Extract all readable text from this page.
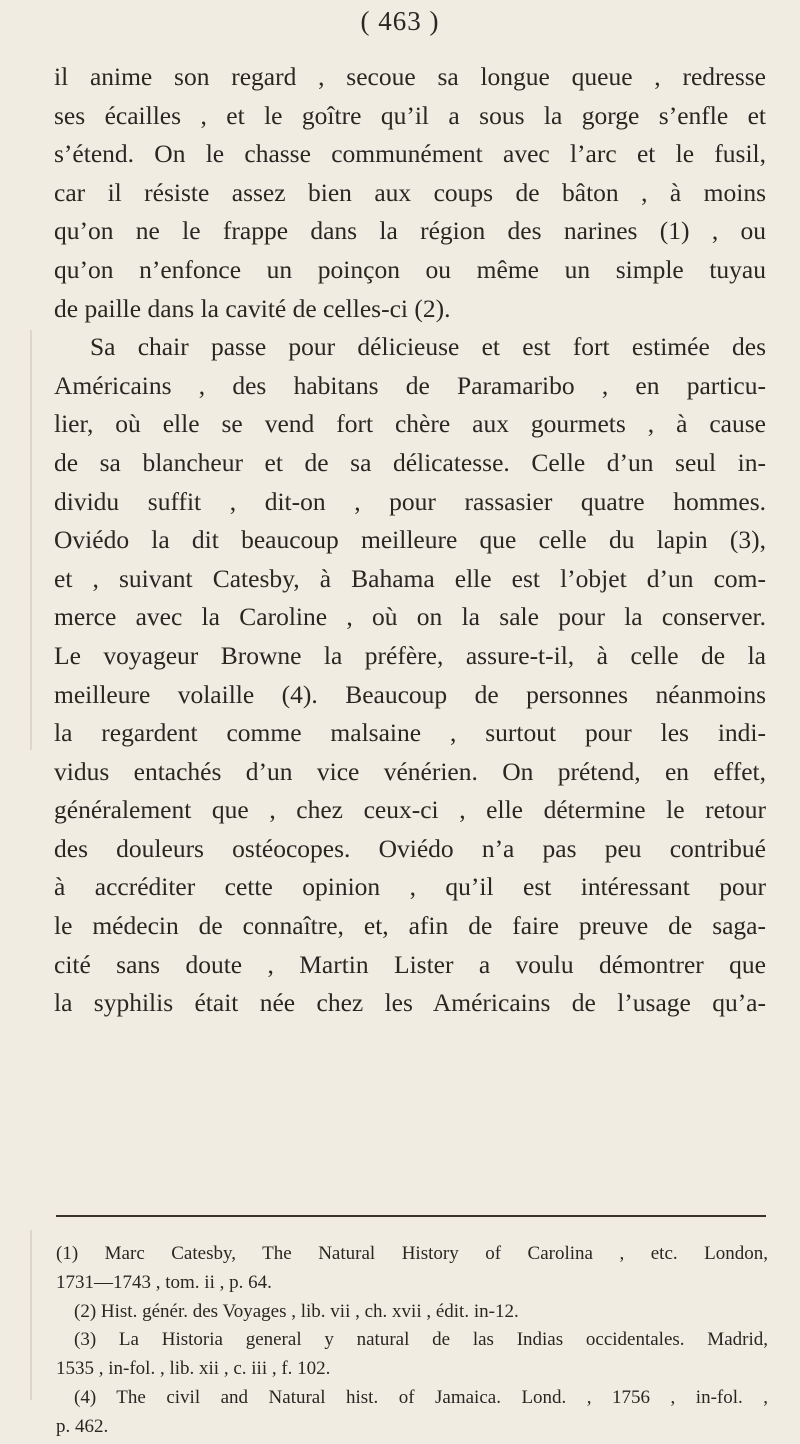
( 463 )
il anime son regard , secoue sa longue queue , redresse
ses écailles , et le goître qu’il a sous la gorge s’enfle et
s’étend. On le chasse communément avec l’arc et le fusil,
car il résiste assez bien aux coups de bâton , à moins
qu’on ne le frappe dans la région des narines (1) , ou
qu’on n’enfonce un poinçon ou même un simple tuyau
de paille dans la cavité de celles-ci (2).
Sa chair passe pour délicieuse et est fort estimée des
Américains , des habitans de Paramaribo , en particu-
lier, où elle se vend fort chère aux gourmets , à cause
de sa blancheur et de sa délicatesse. Celle d’un seul in-
dividu suffit , dit-on , pour rassasier quatre hommes.
Oviédo la dit beaucoup meilleure que celle du lapin (3),
et , suivant Catesby, à Bahama elle est l’objet d’un com-
merce avec la Caroline , où on la sale pour la conserver.
Le voyageur Browne la préfère, assure-t-il, à celle de la
meilleure volaille (4). Beaucoup de personnes néanmoins
la regardent comme malsaine , surtout pour les indi-
vidus entachés d’un vice vénérien. On prétend, en effet,
généralement que , chez ceux-ci , elle détermine le retour
des douleurs ostéocopes. Oviédo n’a pas peu contribué
à accréditer cette opinion , qu’il est intéressant pour
le médecin de connaître, et, afin de faire preuve de saga-
cité sans doute , Martin Lister a voulu démontrer que
la syphilis était née chez les Américains de l’usage qu’a-
(1) Marc Catesby, The Natural History of Carolina , etc. London,
1731—1743 , tom. ii , p. 64.
(2) Hist. génér. des Voyages , lib. vii , ch. xvii , édit. in-12.
(3) La Historia general y natural de las Indias occidentales. Madrid,
1535 , in-fol. , lib. xii , c. iii , f. 102.
(4) The civil and Natural hist. of Jamaica. Lond. , 1756 , in-fol. ,
p. 462.
